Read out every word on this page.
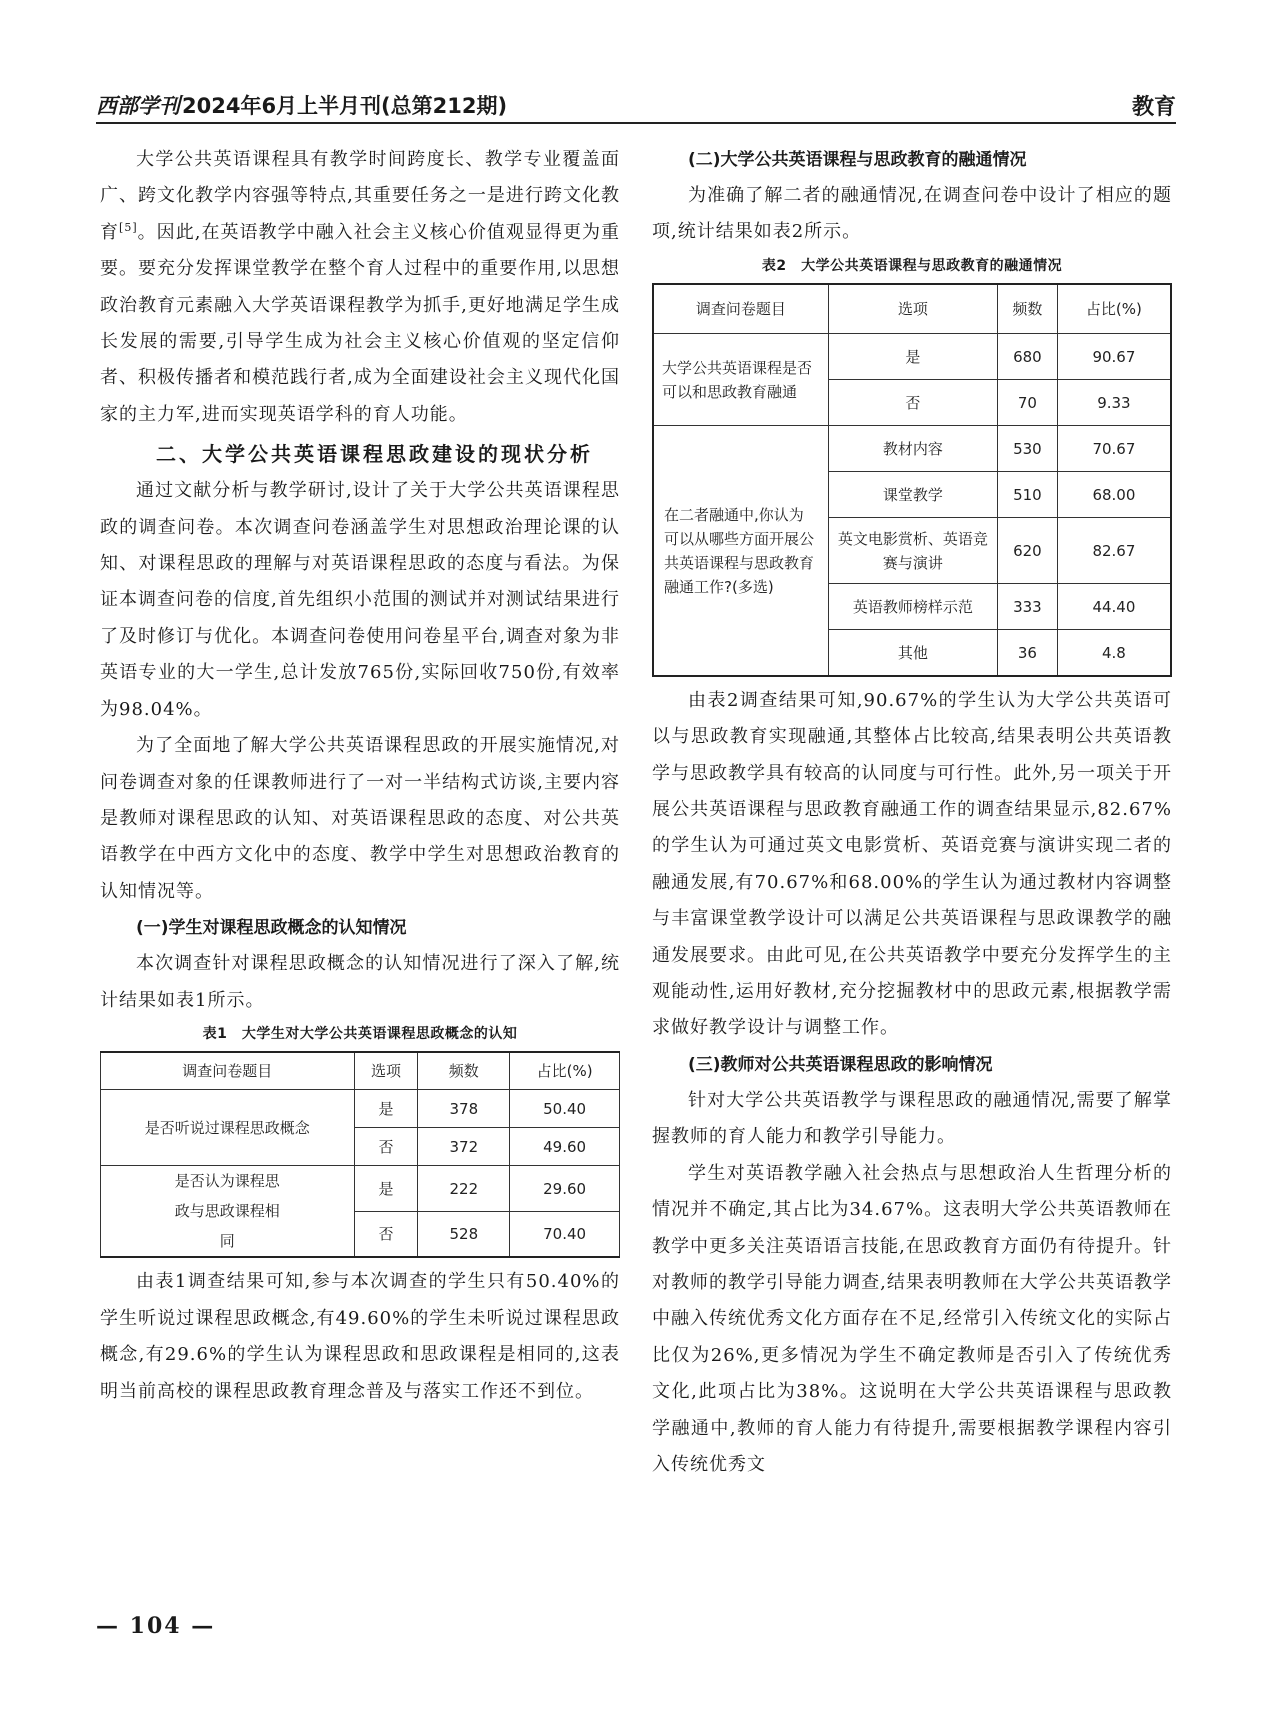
西部学刊2024年6月上半月刊(总第212期)	教育

大学公共英语课程具有教学时间跨度长、教学专业覆盖面广、跨文化教学内容强等特点,其重要任务之一是进行跨文化教育[5]。因此,在英语教学中融入社会主义核心价值观显得更为重要。要充分发挥课堂教学在整个育人过程中的重要作用,以思想政治教育元素融入大学英语课程教学为抓手,更好地满足学生成长发展的需要,引导学生成为社会主义核心价值观的坚定信仰者、积极传播者和模范践行者,成为全面建设社会主义现代化国家的主力军,进而实现英语学科的育人功能。

二、大学公共英语课程思政建设的现状分析

通过文献分析与教学研讨,设计了关于大学公共英语课程思政的调查问卷。本次调查问卷涵盖学生对思想政治理论课的认知、对课程思政的理解与对英语课程思政的态度与看法。为保证本调查问卷的信度,首先组织小范围的测试并对测试结果进行了及时修订与优化。本调查问卷使用问卷星平台,调查对象为非英语专业的大一学生,总计发放765份,实际回收750份,有效率为98.04%。

为了全面地了解大学公共英语课程思政的开展实施情况,对问卷调查对象的任课教师进行了一对一半结构式访谈,主要内容是教师对课程思政的认知、对英语课程思政的态度、对公共英语教学在中西方文化中的态度、教学中学生对思想政治教育的认知情况等。

(一)学生对课程思政概念的认知情况

本次调查针对课程思政概念的认知情况进行了深入了解,统计结果如表1所示。

表1　大学生对大学公共英语课程思政概念的认知
调查问卷题目	选项	频数	占比(%)
是否听说过课程思政概念	是	378	50.40
	否	372	49.60
是否认为课程思政与思政课程相同	是	222	29.60
	否	528	70.40

由表1调查结果可知,参与本次调查的学生只有50.40%的学生听说过课程思政概念,有49.60%的学生未听说过课程思政概念,有29.6%的学生认为课程思政和思政课程是相同的,这表明当前高校的课程思政教育理念普及与落实工作还不到位。

(二)大学公共英语课程与思政教育的融通情况

为准确了解二者的融通情况,在调查问卷中设计了相应的题项,统计结果如表2所示。

表2　大学公共英语课程与思政教育的融通情况
调查问卷题目	选项	频数	占比(%)
大学公共英语课程是否可以和思政教育融通	是	680	90.67
	否	70	9.33
在二者融通中,你认为可以从哪些方面开展公共英语课程与思政教育融通工作?(多选)	教材内容	530	70.67
	课堂教学	510	68.00
	英文电影赏析、英语竞赛与演讲	620	82.67
	英语教师榜样示范	333	44.40
	其他	36	4.8

由表2调查结果可知,90.67%的学生认为大学公共英语可以与思政教育实现融通,其整体占比较高,结果表明公共英语教学与思政教学具有较高的认同度与可行性。此外,另一项关于开展公共英语课程与思政教育融通工作的调查结果显示,82.67%的学生认为可通过英文电影赏析、英语竞赛与演讲实现二者的融通发展,有70.67%和68.00%的学生认为通过教材内容调整与丰富课堂教学设计可以满足公共英语课程与思政课教学的融通发展要求。由此可见,在公共英语教学中要充分发挥学生的主观能动性,运用好教材,充分挖掘教材中的思政元素,根据教学需求做好教学设计与调整工作。

(三)教师对公共英语课程思政的影响情况

针对大学公共英语教学与课程思政的融通情况,需要了解掌握教师的育人能力和教学引导能力。

学生对英语教学融入社会热点与思想政治人生哲理分析的情况并不确定,其占比为34.67%。这表明大学公共英语教师在教学中更多关注英语语言技能,在思政教育方面仍有待提升。针对教师的教学引导能力调查,结果表明教师在大学公共英语教学中融入传统优秀文化方面存在不足,经常引入传统文化的实际占比仅为26%,更多情况为学生不确定教师是否引入了传统优秀文化,此项占比为38%。这说明在大学公共英语课程与思政教学融通中,教师的育人能力有待提升,需要根据教学课程内容引入传统优秀文

— 104 —
